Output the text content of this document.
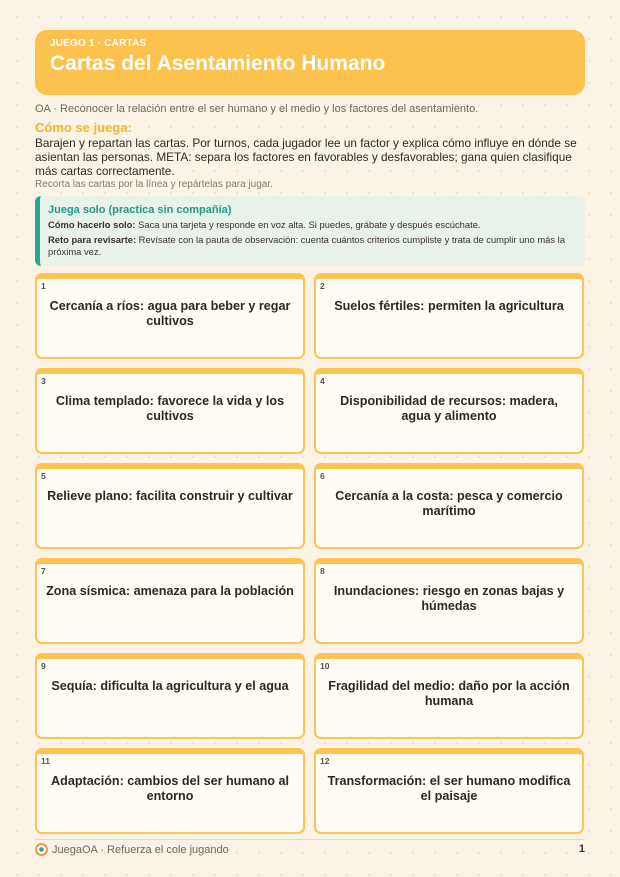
JUEGO 1 · CARTAS
Cartas del Asentamiento Humano
OA · Reconocer la relación entre el ser humano y el medio y los factores del asentamiento.
Cómo se juega:
Barajen y repartan las cartas. Por turnos, cada jugador lee un factor y explica cómo influye en dónde se asientan las personas. META: separa los factores en favorables y desfavorables; gana quien clasifique más cartas correctamente.
Recorta las cartas por la línea y repártelas para jugar.
Juega solo (practica sin compañía)
Cómo hacerlo solo: Saca una tarjeta y responde en voz alta. Si puedes, grábate y después escúchate.
Reto para revisarte: Revísate con la pauta de observación: cuenta cuántos criterios cumpliste y trata de cumplir uno más la próxima vez.
1
Cercanía a ríos: agua para beber y regar cultivos
2
Suelos fértiles: permiten la agricultura
3
Clima templado: favorece la vida y los cultivos
4
Disponibilidad de recursos: madera, agua y alimento
5
Relieve plano: facilita construir y cultivar
6
Cercanía a la costa: pesca y comercio marítimo
7
Zona sísmica: amenaza para la población
8
Inundaciones: riesgo en zonas bajas y húmedas
9
Sequía: dificulta la agricultura y el agua
10
Fragilidad del medio: daño por la acción humana
11
Adaptación: cambios del ser humano al entorno
12
Transformación: el ser humano modifica el paisaje
JuegaOA · Refuerza el cole jugando	1
